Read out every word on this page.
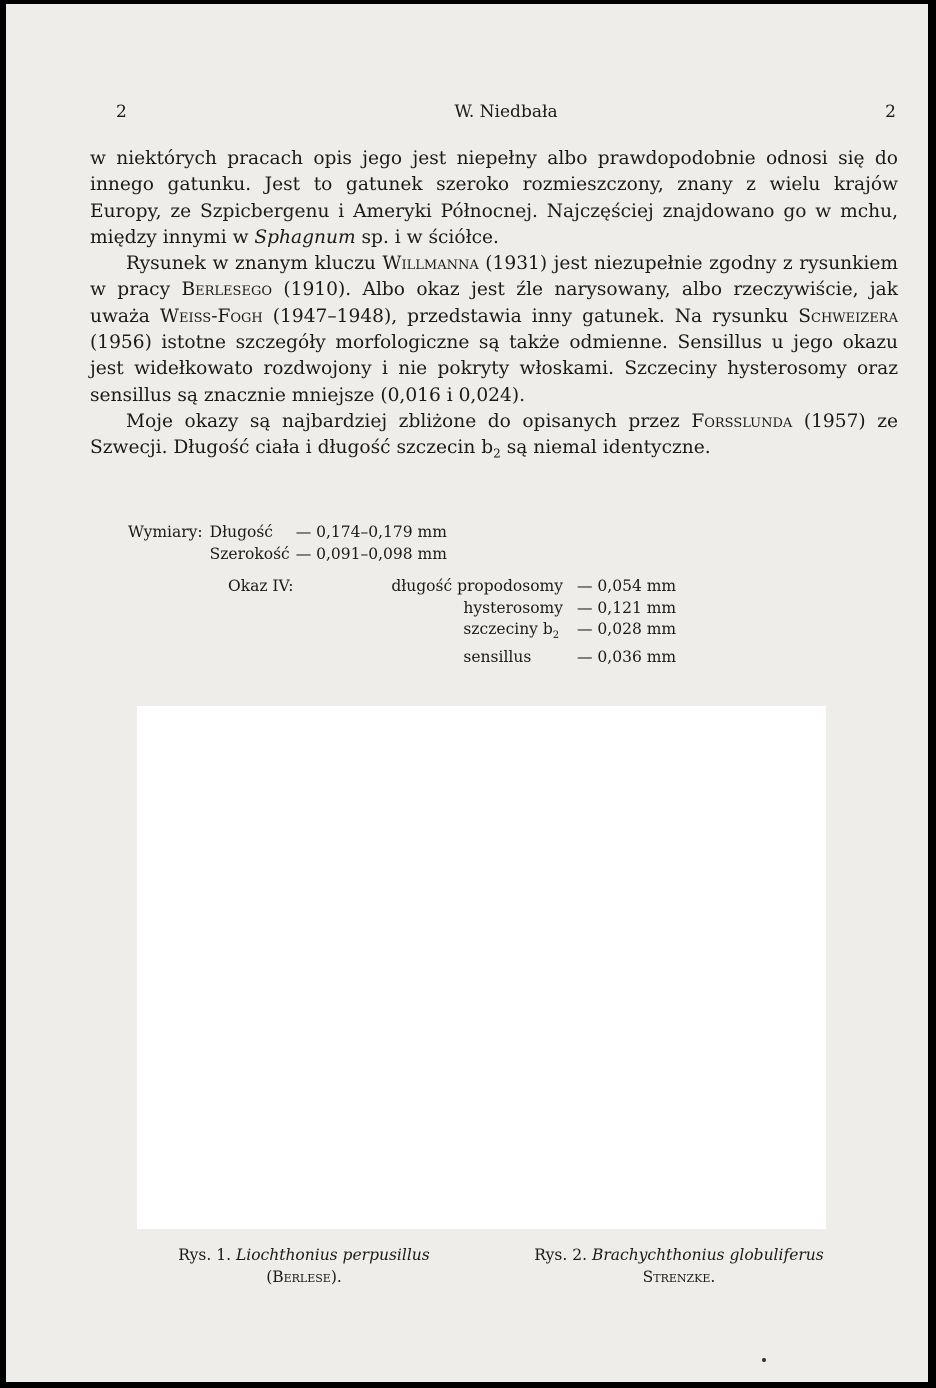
2	W. Niedbała	2

w niektórych pracach opis jego jest niepełny albo prawdopodobnie odnosi się do innego gatunku. Jest to gatunek szeroko rozmieszczony, znany z wielu krajów Europy, ze Szpicbergenu i Ameryki Północnej. Najczęściej znajdowano go w mchu, między innymi w Sphagnum sp. i w ściółce.

Rysunek w znanym kluczu Willmanna (1931) jest niezupełnie zgodny z rysunkiem w pracy Berlesego (1910). Albo okaz jest źle narysowany, albo rzeczywiście, jak uważa Weiss-Fogh (1947–1948), przedstawia inny gatunek. Na rysunku Schweizera (1956) istotne szczegóły morfologiczne są także odmienne. Sensillus u jego okazu jest widełkowato rozdwojony i nie pokryty włoskami. Szczeciny hysterosomy oraz sensillus są znacznie mniejsze (0,016 i 0,024).

Moje okazy są najbardziej zbliżone do opisanych przez Forsslunda (1957) ze Szwecji. Długość ciała i długość szczecin $b_2$ są niemal identyczne.

Wymiary:	Długość	— 0,174–0,179 mm
	Szerokość	— 0,091–0,098 mm
Okaz IV:	długość propodosomy	— 0,054 mm
	hysterosomy	— 0,121 mm
	szczeciny $b_2$	— 0,028 mm
	sensillus	— 0,036 mm
Rys. 1. Liochthonius perpusillus
(Berlese).
Rys. 2. Brachychthonius globuliferus
Strenzke.
